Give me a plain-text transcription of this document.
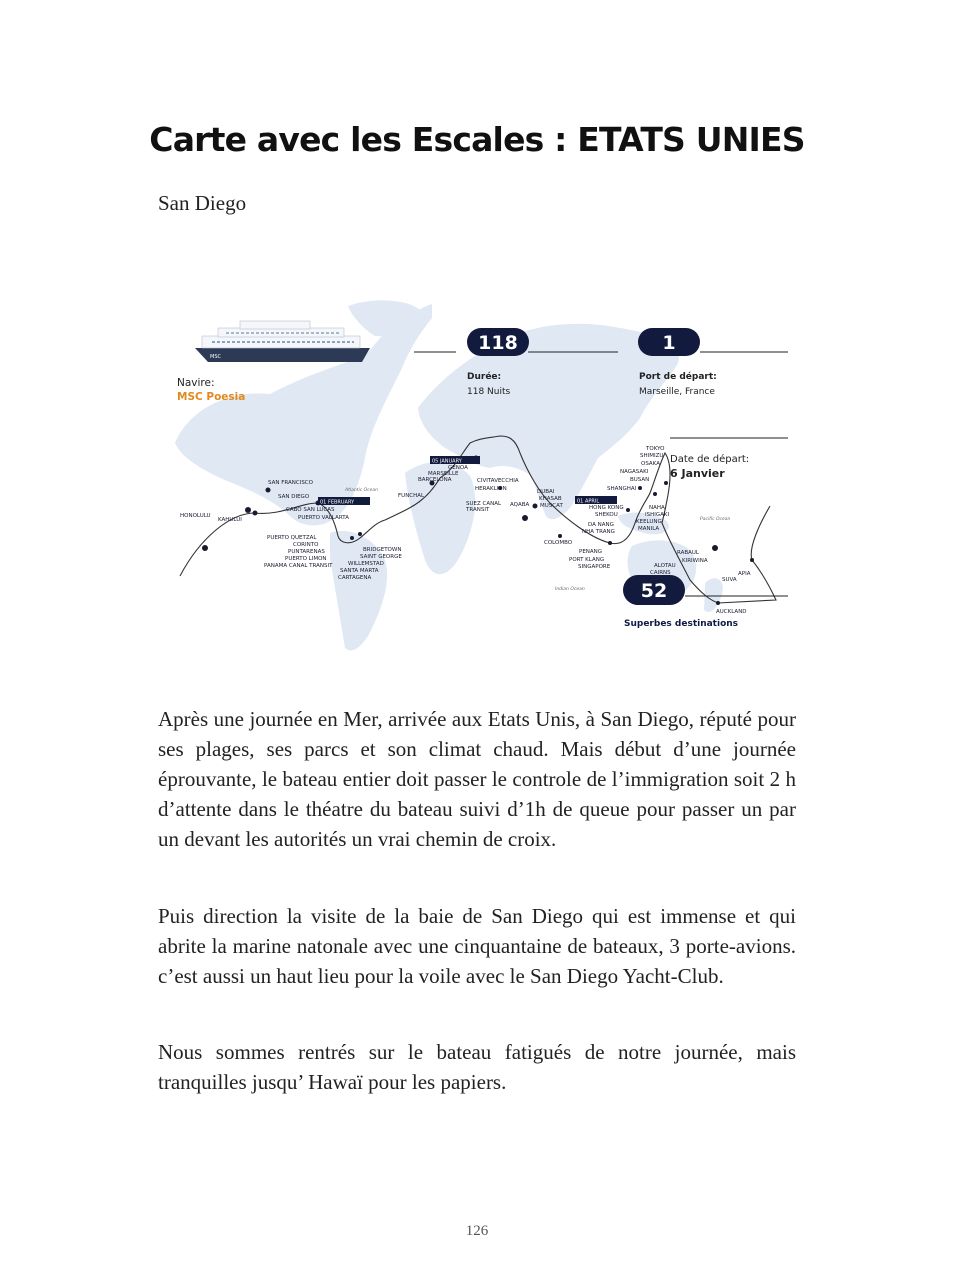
Carte avec les Escales : ETATS UNIES
San Diego
MSC
Navire:
MSC Poesia
118
Durée:
118 Nuits
1
Port de départ:
Marseille, France
Date de départ:
6 Janvier
52
Superbes destinations
05 JANUARY
01 FEBRUARY	01 APRIL
Atlantic Ocean
Pacific Ocean
Indian Ocean
HONOLULU
KAHULUI
SAN FRANCISCO
SAN DIEGO
CABO SAN LUCAS
PUERTO VALLARTA
PUERTO QUETZAL
CORINTO
PUNTARENAS
PUERTO LIMON
PANAMA CANAL TRANSIT
BRIDGETOWN
SAINT GEORGE
WILLEMSTAD
SANTA MARTA
CARTAGENA
FUNCHAL
GENOA
MARSEILLE
BARCELONA	CIVITAVECCHIA
HERAKLION
SUEZ CANAL
TRANSIT
AQABA
DUBAI
KHASAB
MUSCAT
COLOMBO
PENANG
PORT KLANG
SINGAPORE
HONG KONG
SHEKOU
DA NANG
NHA TRANG
SHANGHAI
TOKYO
SHIMIZU
OSAKA
NAGASAKI
BUSAN
NAHA
ISHIGAKI
KEELUNG
MANILA
RABAUL
KIRIWINA
ALOTAU
CAIRNS	APIA
SUVA
AUCKLAND

Après une journée en Mer, arrivée aux Etats Unis, à San Diego, réputé pour ses plages, ses parcs et son climat chaud. Mais début d’une journée éprouvante, le bateau entier doit passer le controle de l’immigration soit 2 h d’attente dans le théatre du bateau suivi d’1h de queue pour passer un par un devant les autorités un vrai chemin de croix.

Puis direction la visite de la baie de San Diego qui est immense et qui abrite la marine natonale avec une cinquantaine de bateaux, 3 porte-avions. c’est aussi un haut lieu pour la voile avec le San Diego Yacht-Club.

Nous sommes rentrés sur le bateau fatigués de notre journée, mais tranquilles jusqu’ Hawaï pour les papiers.

126
